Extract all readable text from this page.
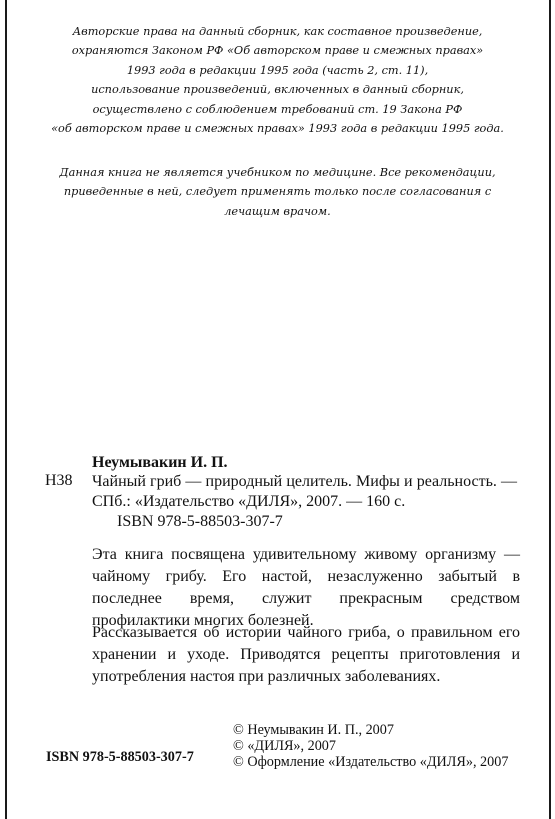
Авторские права на данный сборник, как составное произведение,
охраняются Законом РФ «Об авторском праве и смежных правах»
1993 года в редакции 1995 года (часть 2, ст. 11),
использование произведений, включенных в данный сборник,
осуществлено с соблюдением требований ст. 19 Закона РФ
«об авторском праве и смежных правах» 1993 года в редакции 1995 года.
Данная книга не является учебником по медицине. Все рекомендации,
приведенные в ней, следует применять только после согласования с
лечащим врачом.

Неумывакин И. П.

Н38 Чайный гриб — природный целитель. Мифы и реальность. — СПб.: «Издательство «ДИЛЯ», 2007. — 160 с.

ISBN 978-5-88503-307-7

Эта книга посвящена удивительному живому организму — чайному грибу. Его настой, незаслуженно забытый в последнее время, служит прекрасным средством профилактики многих болезней.

Рассказывается об истории чайного гриба, о правильном его хранении и уходе. Приводятся рецепты приготовления и употребления настоя при различных заболеваниях.

ISBN 978-5-88503-307-7
© Неумывакин И. П., 2007
© «ДИЛЯ», 2007
© Оформление «Издательство «ДИЛЯ», 2007
